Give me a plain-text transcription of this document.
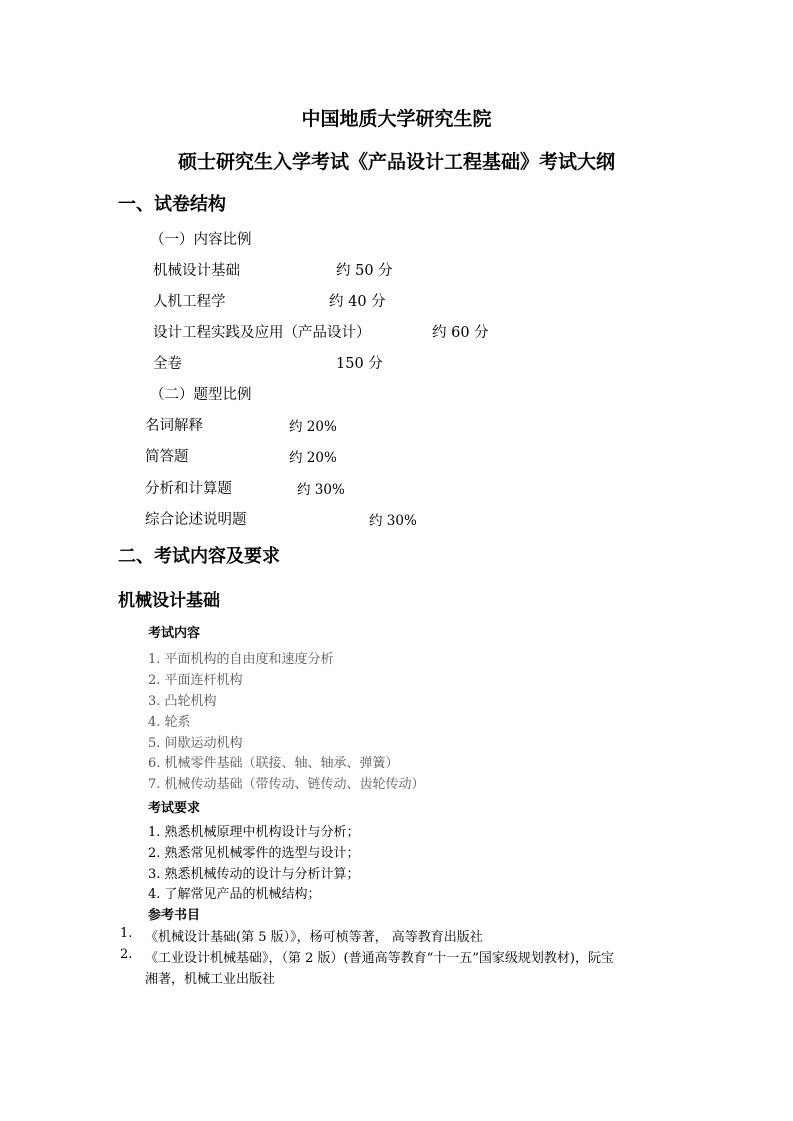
中国地质大学研究生院
硕士研究生入学考试《产品设计工程基础》考试大纲
一、试卷结构
（一）内容比例
机械设计基础	约 50 分
人机工程学	约 40 分
设计工程实践及应用（产品设计）	约 60 分
全卷	150 分
（二）题型比例
名词解释	约 20%
简答题	约 20%
分析和计算题	约 30%
综合论述说明题	约 30%
二、考试内容及要求
机械设计基础
考试内容
1. 平面机构的自由度和速度分析
2. 平面连杆机构
3. 凸轮机构
4. 轮系
5. 间歇运动机构
6. 机械零件基础（联接、轴、轴承、弹簧）
7. 机械传动基础（带传动、链传动、齿轮传动）
考试要求
1. 熟悉机械原理中机构设计与分析；
2. 熟悉常见机械零件的选型与设计；
3. 熟悉机械传动的设计与分析计算；
4. 了解常见产品的机械结构；
参考书目
1. 《机械设计基础(第 5 版）》，杨可桢等著， 高等教育出版社
2. 《工业设计机械基础》，（第 2 版）(普通高等教育“十一五”国家级规划教材)，阮宝
湘著，机械工业出版社
